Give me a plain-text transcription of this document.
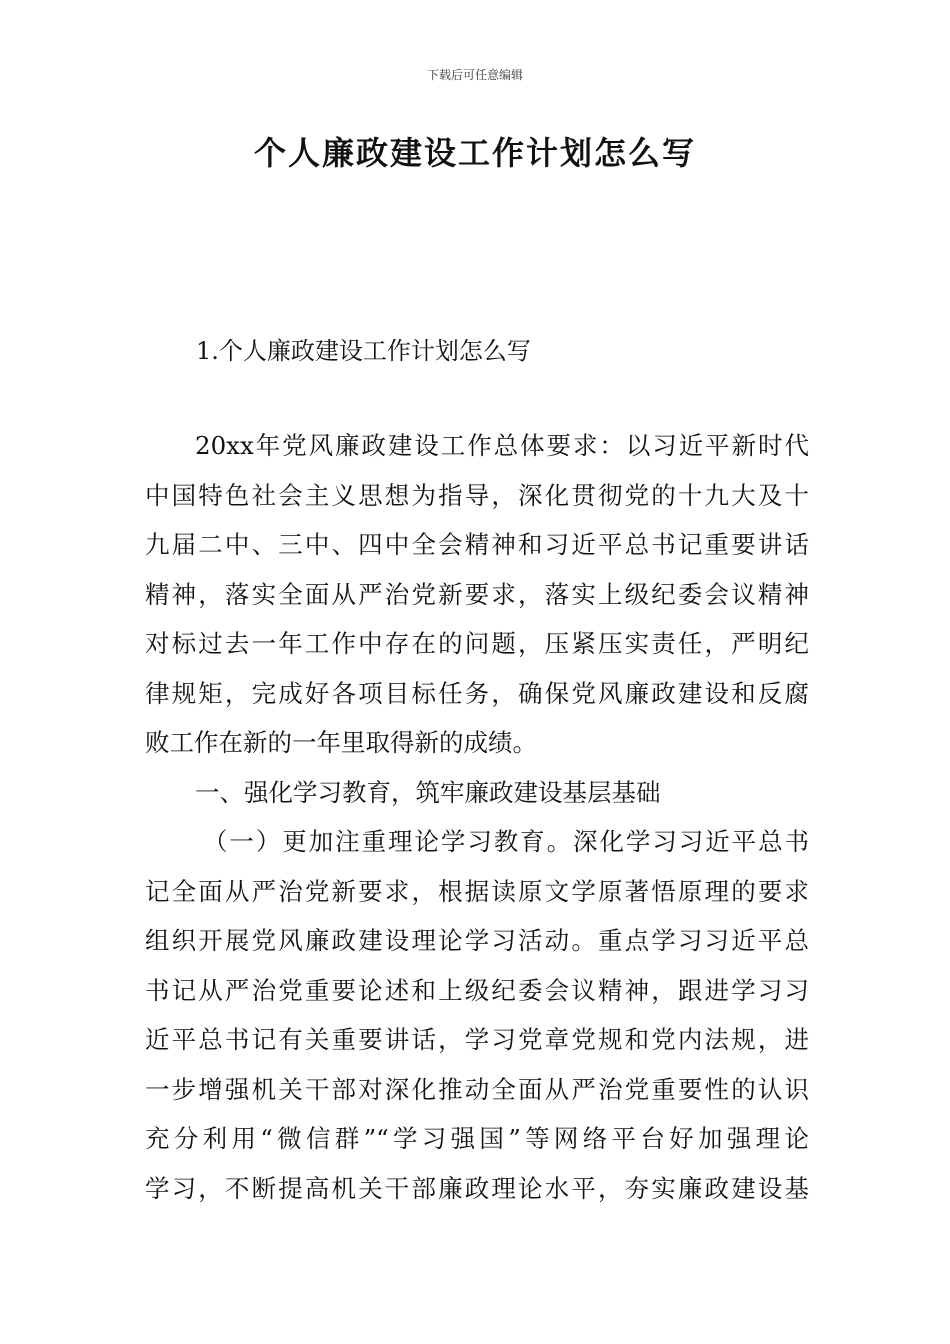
下载后可任意编辑
个人廉政建设工作计划怎么写
1.个人廉政建设工作计划怎么写
20xx年党风廉政建设工作总体要求：以习近平新时代
中国特色社会主义思想为指导，深化贯彻党的十九大及十
九届二中、三中、四中全会精神和习近平总书记重要讲话
精神，落实全面从严治党新要求，落实上级纪委会议精神
对标过去一年工作中存在的问题，压紧压实责任，严明纪
律规矩，完成好各项目标任务，确保党风廉政建设和反腐
败工作在新的一年里取得新的成绩。
一、强化学习教育，筑牢廉政建设基层基础
（一）更加注重理论学习教育。深化学习习近平总书
记全面从严治党新要求，根据读原文学原著悟原理的要求
组织开展党风廉政建设理论学习活动。重点学习习近平总
书记从严治党重要论述和上级纪委会议精神，跟进学习习
近平总书记有关重要讲话，学习党章党规和党内法规，进
一步增强机关干部对深化推动全面从严治党重要性的认识
充分利用“微信群”“学习强国”等网络平台好加强理论
学习，不断提高机关干部廉政理论水平，夯实廉政建设基
